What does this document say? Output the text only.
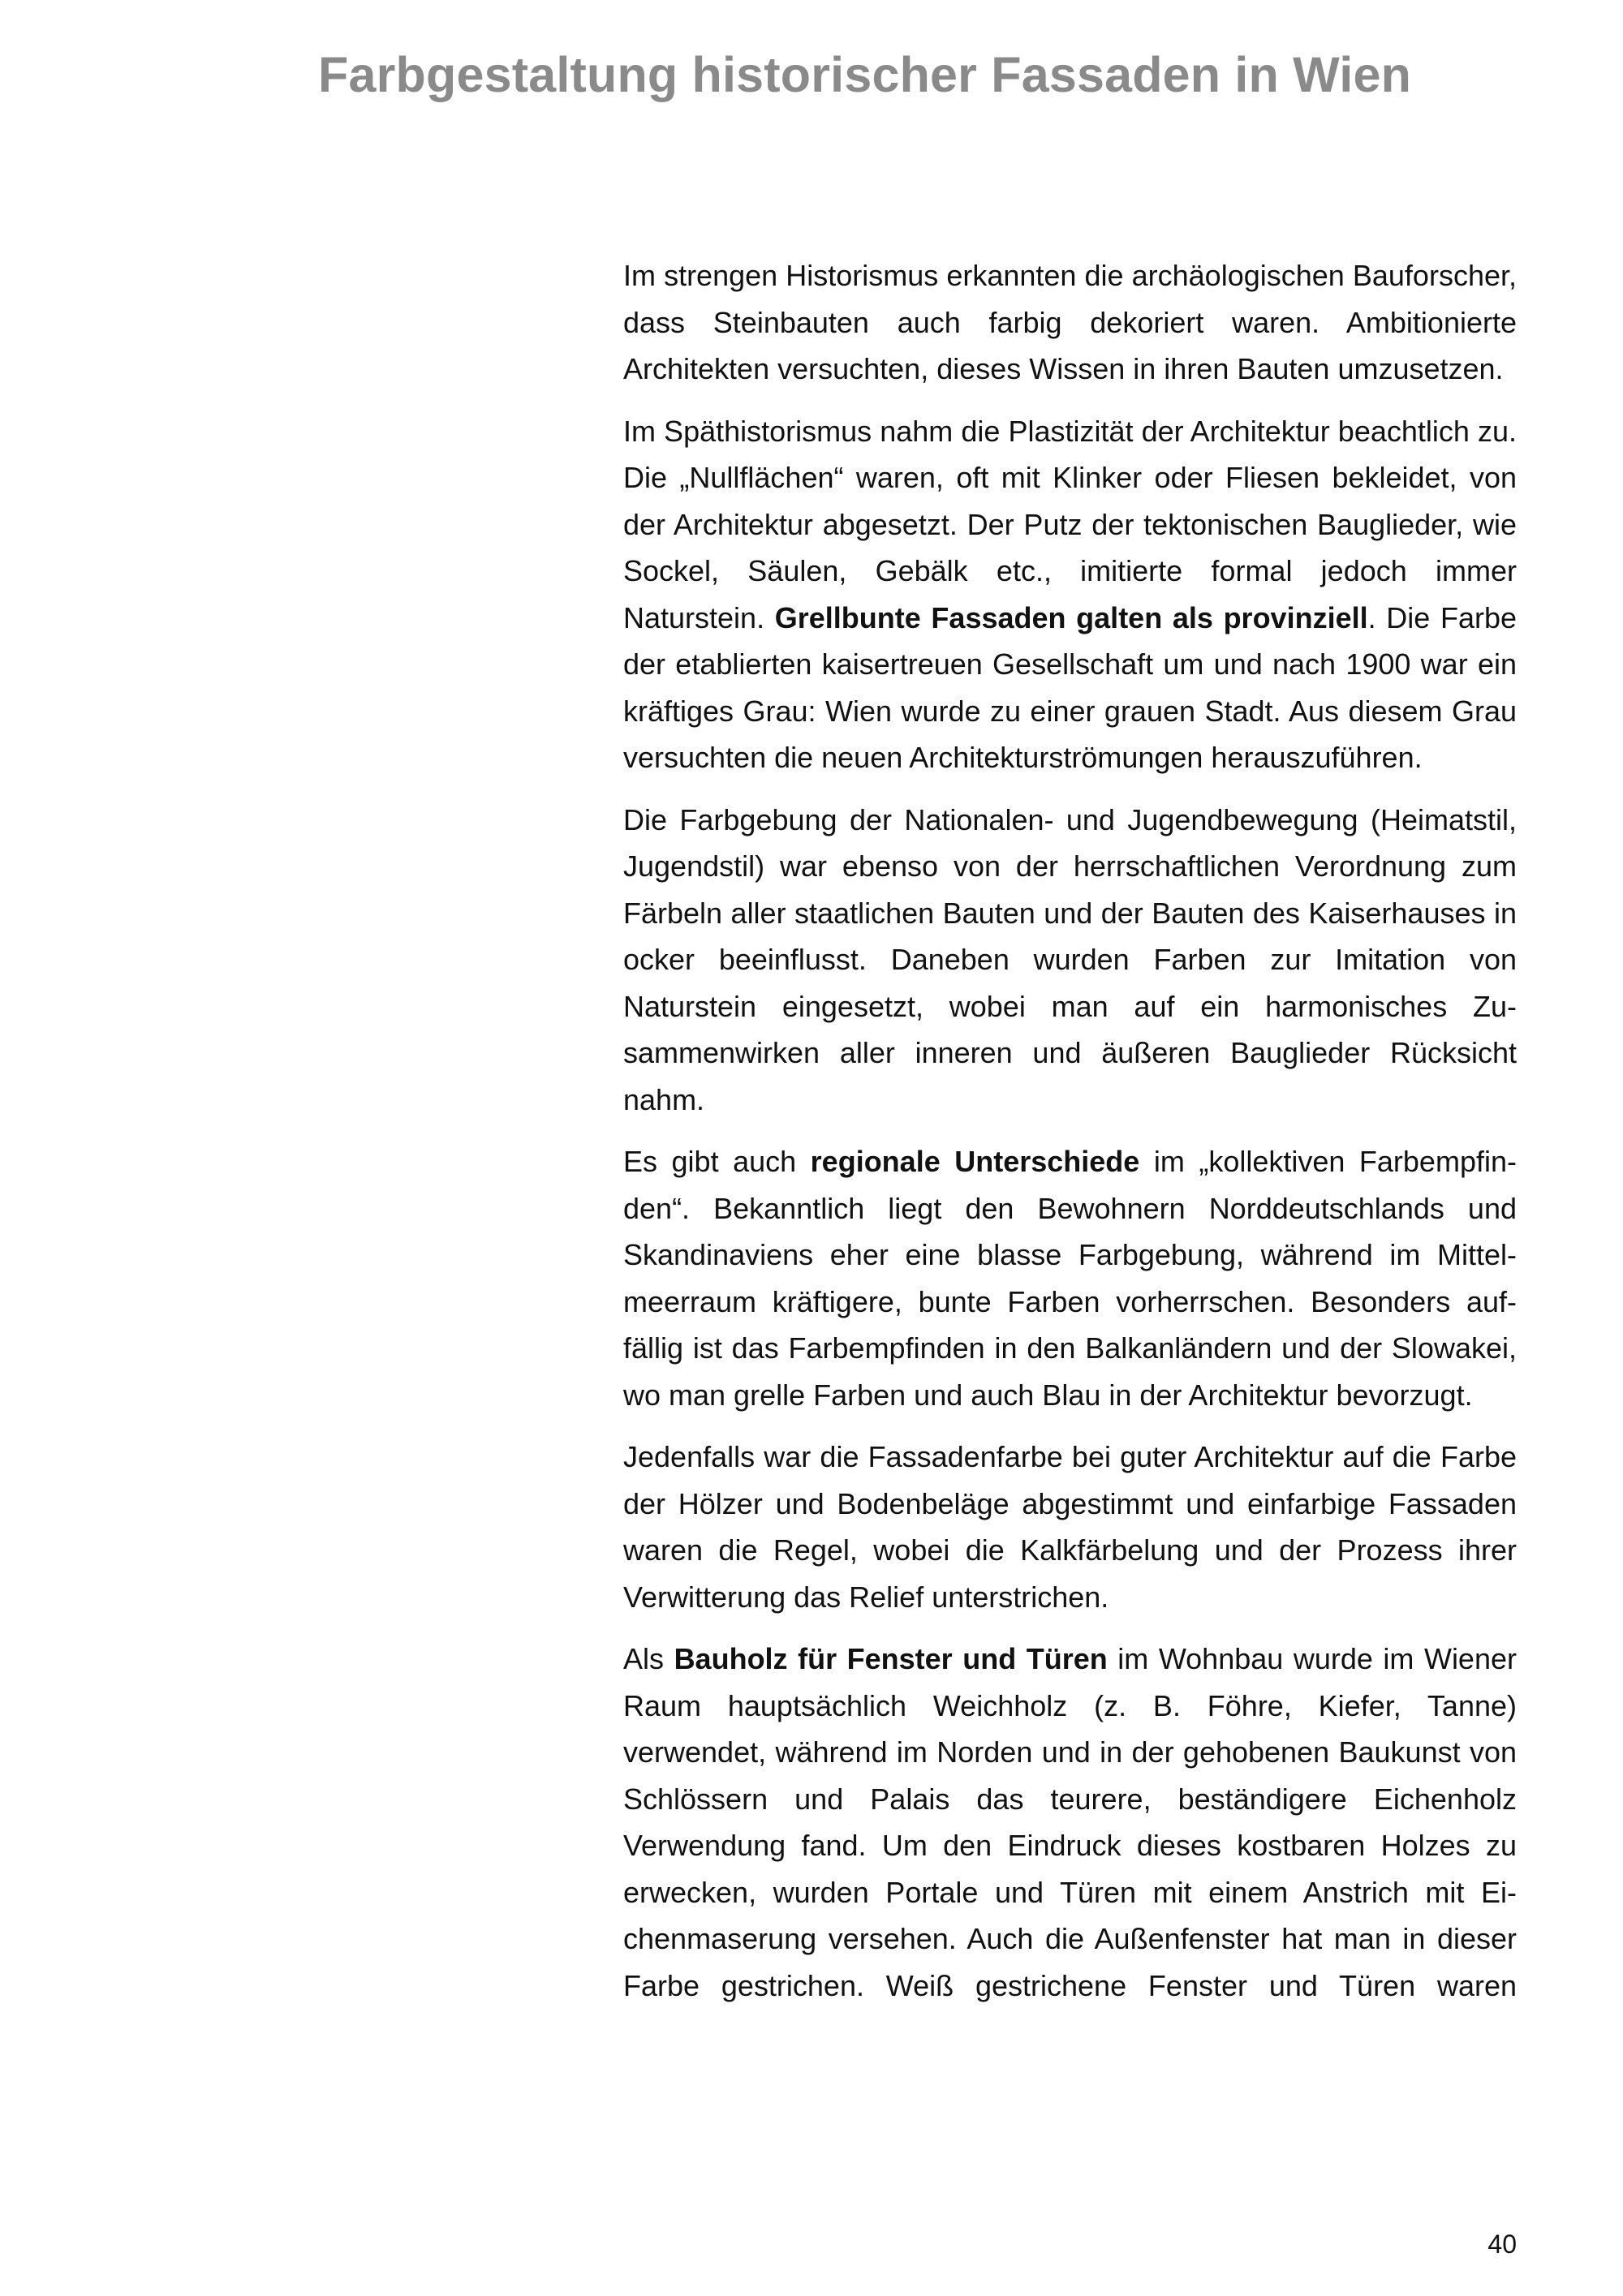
Farbgestaltung historischer Fassaden in Wien

Im strengen Historismus erkannten die archäologischen Bauforscher, dass Steinbauten auch farbig dekoriert waren. Ambitionierte Architekten versuchten, dieses Wissen in ihren Bauten umzusetzen.

Im Späthistorismus nahm die Plastizität der Architektur beachtlich zu. Die „Nullflächen“ waren, oft mit Klinker oder Fliesen bekleidet, von der Architektur abgesetzt. Der Putz der tektonischen Bauglieder, wie Sockel, Säulen, Gebälk etc., imitierte formal jedoch immer Naturstein. Grellbunte Fassaden galten als provinziell. Die Farbe der etablierten kaisertreuen Gesellschaft um und nach 1900 war ein kräftiges Grau: Wien wurde zu einer grauen Stadt. Aus diesem Grau versuchten die neuen Architekturströmungen herauszuführen.

Die Farbgebung der Nationalen- und Jugendbewegung (Heimatstil, Jugendstil) war ebenso von der herrschaftlichen Verordnung zum Färbeln aller staatlichen Bauten und der Bauten des Kaiserhauses in ocker beeinflusst. Daneben wurden Farben zur Imitation von Naturstein eingesetzt, wobei man auf ein harmonisches Zusammenwirken aller inneren und äußeren Bauglieder Rücksicht nahm.

Es gibt auch regionale Unterschiede im „kollektiven Farbempfinden“. Bekanntlich liegt den Bewohnern Norddeutschlands und Skandinaviens eher eine blasse Farbgebung, während im Mittelmeerraum kräftigere, bunte Farben vorherrschen. Besonders auffällig ist das Farbempfinden in den Balkanländern und der Slowakei, wo man grelle Farben und auch Blau in der Architektur bevorzugt.

Jedenfalls war die Fassadenfarbe bei guter Architektur auf die Farbe der Hölzer und Bodenbeläge abgestimmt und einfarbige Fassaden waren die Regel, wobei die Kalkfärbelung und der Prozess ihrer Verwitterung das Relief unterstrichen.

Als Bauholz für Fenster und Türen im Wohnbau wurde im Wiener Raum hauptsächlich Weichholz (z. B. Föhre, Kiefer, Tanne) verwendet, während im Norden und in der gehobenen Baukunst von Schlössern und Palais das teurere, beständigere Eichenholz Verwendung fand. Um den Eindruck dieses kostbaren Holzes zu erwecken, wurden Portale und Türen mit einem Anstrich mit Eichenmaserung versehen. Auch die Außenfenster hat man in dieser Farbe gestrichen. Weiß gestrichene Fenster und Türen waren

40
